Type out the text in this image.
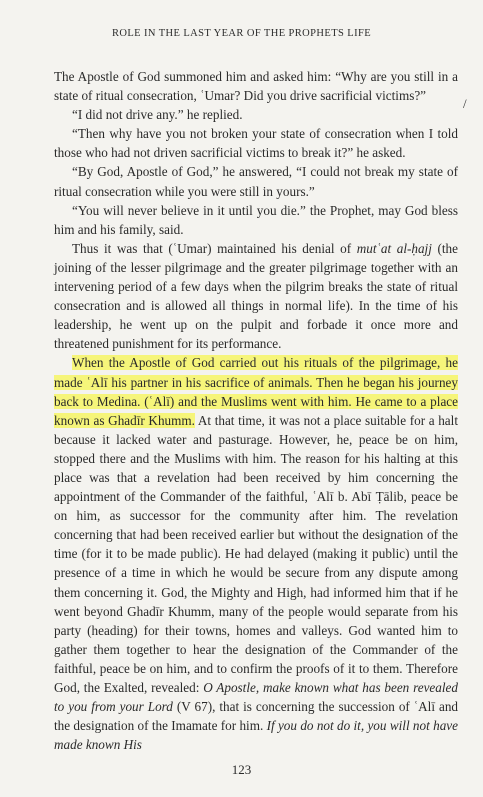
ROLE IN THE LAST YEAR OF THE PROPHETS LIFE
/

The Apostle of God summoned him and asked him: “Why are you still in a state of ritual consecration, ʿUmar? Did you drive sacrificial victims?”

“I did not drive any.” he replied.

“Then why have you not broken your state of consecration when I told those who had not driven sacrificial victims to break it?” he asked.

“By God, Apostle of God,” he answered, “I could not break my state of ritual consecration while you were still in yours.”

“You will never believe in it until you die.” the Prophet, may God bless him and his family, said.

Thus it was that (ʿUmar) maintained his denial of mutʿat al-ḥajj (the joining of the lesser pilgrimage and the greater pilgrimage together with an intervening period of a few days when the pilgrim breaks the state of ritual consecration and is allowed all things in normal life). In the time of his leadership, he went up on the pulpit and forbade it once more and threatened punishment for its performance.

When the Apostle of God carried out his rituals of the pilgrimage, he made ʿAlī his partner in his sacrifice of animals. Then he began his journey back to Medina. (ʿAlī) and the Muslims went with him. He came to a place known as Ghadīr Khumm. At that time, it was not a place suitable for a halt because it lacked water and pasturage. However, he, peace be on him, stopped there and the Muslims with him. The reason for his halting at this place was that a revelation had been received by him concerning the appointment of the Commander of the faithful, ʿAlī b. Abī Ṭālib, peace be on him, as successor for the community after him. The revelation concerning that had been received earlier but without the designation of the time (for it to be made public). He had delayed (making it public) until the presence of a time in which he would be secure from any dispute among them concerning it. God, the Mighty and High, had informed him that if he went beyond Ghadīr Khumm, many of the people would separate from his party (heading) for their towns, homes and valleys. God wanted him to gather them together to hear the designation of the Commander of the faithful, peace be on him, and to confirm the proofs of it to them. Therefore God, the Exalted, revealed: O Apostle, make known what has been revealed to you from your Lord (V 67), that is concerning the succession of ʿAlī and the designation of the Imamate for him. If you do not do it, you will not have made known His

123
